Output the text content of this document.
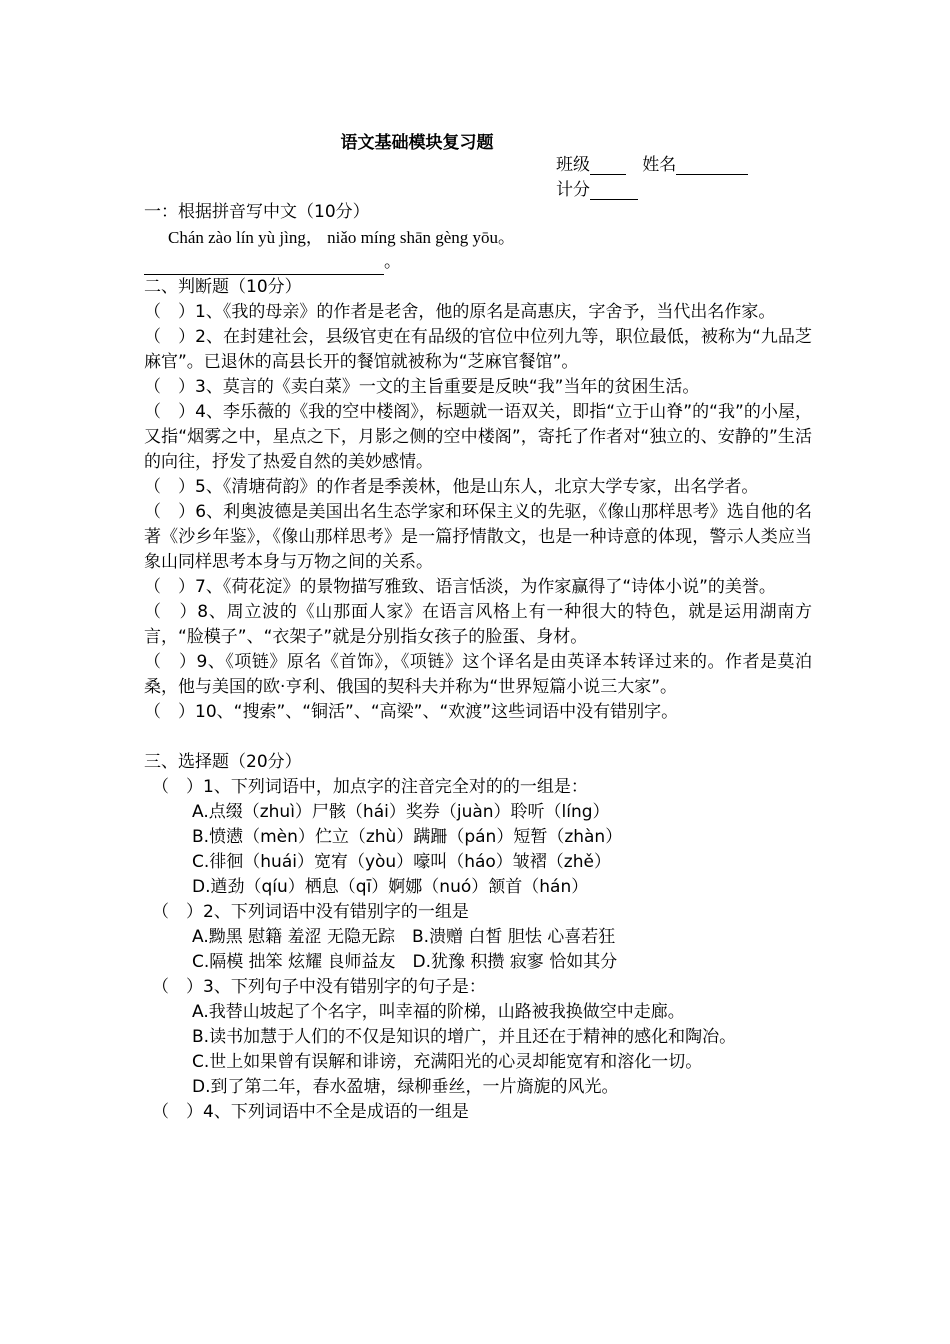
语文基础模块复习题
班级	姓名
计分

一：根据拼音写中文（10分）

Chán zào lín yù jìng， niǎo míng shān gèng yōu。

。

二、判断题（10分）

（　）1、《我的母亲》的作者是老舍，他的原名是高惠庆，字舍予，当代出名作家。

（　）2、在封建社会，县级官吏在有品级的官位中位列九等，职位最低，被称为“九品芝麻官”。已退休的高县长开的餐馆就被称为“芝麻官餐馆”。

（　）3、莫言的《卖白菜》一文的主旨重要是反映“我”当年的贫困生活。

（　）4、李乐薇的《我的空中楼阁》，标题就一语双关，即指“立于山脊”的“我”的小屋，又指“烟雾之中，星点之下，月影之侧的空中楼阁”，寄托了作者对“独立的、安静的”生活的向往，抒发了热爱自然的美妙感情。

（　）5、《清塘荷韵》的作者是季羡林，他是山东人，北京大学专家，出名学者。

（　）6、利奥波德是美国出名生态学家和环保主义的先驱，《像山那样思考》选自他的名著《沙乡年鉴》，《像山那样思考》是一篇抒情散文，也是一种诗意的体现，警示人类应当象山同样思考本身与万物之间的关系。

（　）7、《荷花淀》的景物描写雅致、语言恬淡，为作家赢得了“诗体小说”的美誉。

（　）8、周立波的《山那面人家》在语言风格上有一种很大的特色，就是运用湖南方言，“脸模子”、“衣架子”就是分别指女孩子的脸蛋、身材。

（　）9、《项链》原名《首饰》，《项链》这个译名是由英译本转译过来的。作者是莫泊桑，他与美国的欧·亨利、俄国的契科夫并称为“世界短篇小说三大家”。

（　）10、“搜索”、“铜活”、“高梁”、“欢渡”这些词语中没有错别字。

三、选择题（20分）

（　）1、下列词语中，加点字的注音完全对的的一组是：

A.点缀（zhuì）尸骸（hái）奖券（juàn）聆听（líng）

B.愤懑（mèn）伫立（zhù）蹒跚（pán）短暂（zhàn）

C.徘徊（huái）宽宥（yòu）嚎叫（háo）皱褶（zhě）

D.遒劲（qíu）栖息（qī）婀娜（nuó）颔首（hán）

（　）2、下列词语中没有错别字的一组是

A.黝黑 慰籍 羞涩 无隐无踪　B.溃赠 白皙 胆怯 心喜若狂

C.隔模 拙笨 炫耀 良师益友　D.犹豫 积攒 寂寥 恰如其分

（　）3、下列句子中没有错别字的句子是：

A.我替山坡起了个名字，叫幸福的阶梯，山路被我换做空中走廊。

B.读书加慧于人们的不仅是知识的增广，并且还在于精神的感化和陶冶。

C.世上如果曾有误解和诽谤，充满阳光的心灵却能宽宥和溶化一切。

D.到了第二年，春水盈塘，绿柳垂丝，一片旖旎的风光。

（　）4、下列词语中不全是成语的一组是
